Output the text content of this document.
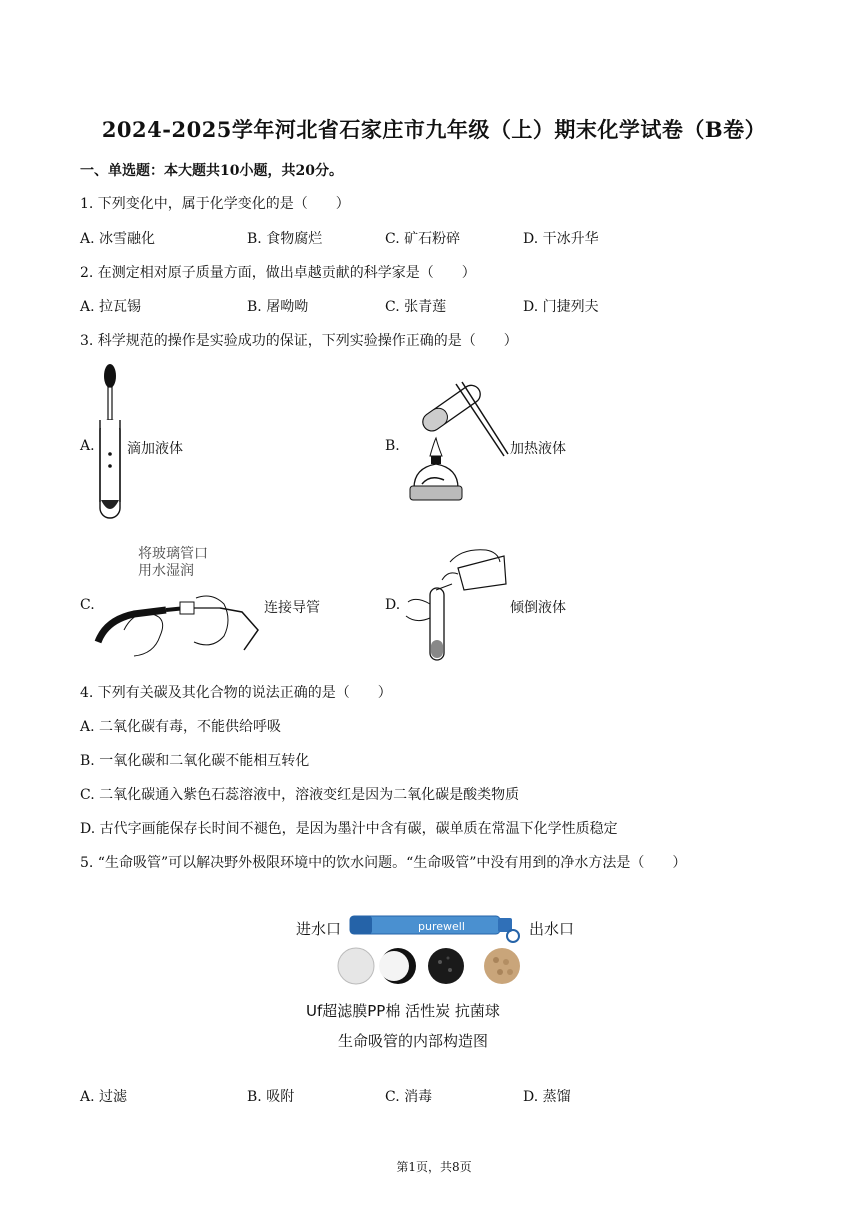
2024-2025学年河北省石家庄市九年级（上）期末化学试卷（B卷）
一、单选题：本大题共10小题，共20分。
1. 下列变化中，属于化学变化的是（　　）
A. 冰雪融化	B. 食物腐烂	C. 矿石粉碎	D. 干冰升华
2. 在测定相对原子质量方面，做出卓越贡献的科学家是（　　）
A. 拉瓦锡	B. 屠呦呦	C. 张青莲	D. 门捷列夫
3. 科学规范的操作是实验成功的保证，下列实验操作正确的是（　　）
A. 滴加液体	B.	加热液体
C.
将玻璃管口
用水湿润
连接导管	D.	倾倒液体
4. 下列有关碳及其化合物的说法正确的是（　　）
A. 二氧化碳有毒，不能供给呼吸
B. 一氧化碳和二氧化碳不能相互转化
C. 二氧化碳通入紫色石蕊溶液中，溶液变红是因为二氧化碳是酸类物质
D. 古代字画能保存长时间不褪色，是因为墨汁中含有碳，碳单质在常温下化学性质稳定
5. “生命吸管”可以解决野外极限环境中的饮水问题。“生命吸管”中没有用到的净水方法是（　　）
进水口	purewell	出水口
Uf超滤膜PP棉 活性炭 抗菌球
生命吸管的内部构造图
A. 过滤	B. 吸附	C. 消毒	D. 蒸馏
第1页，共8页
